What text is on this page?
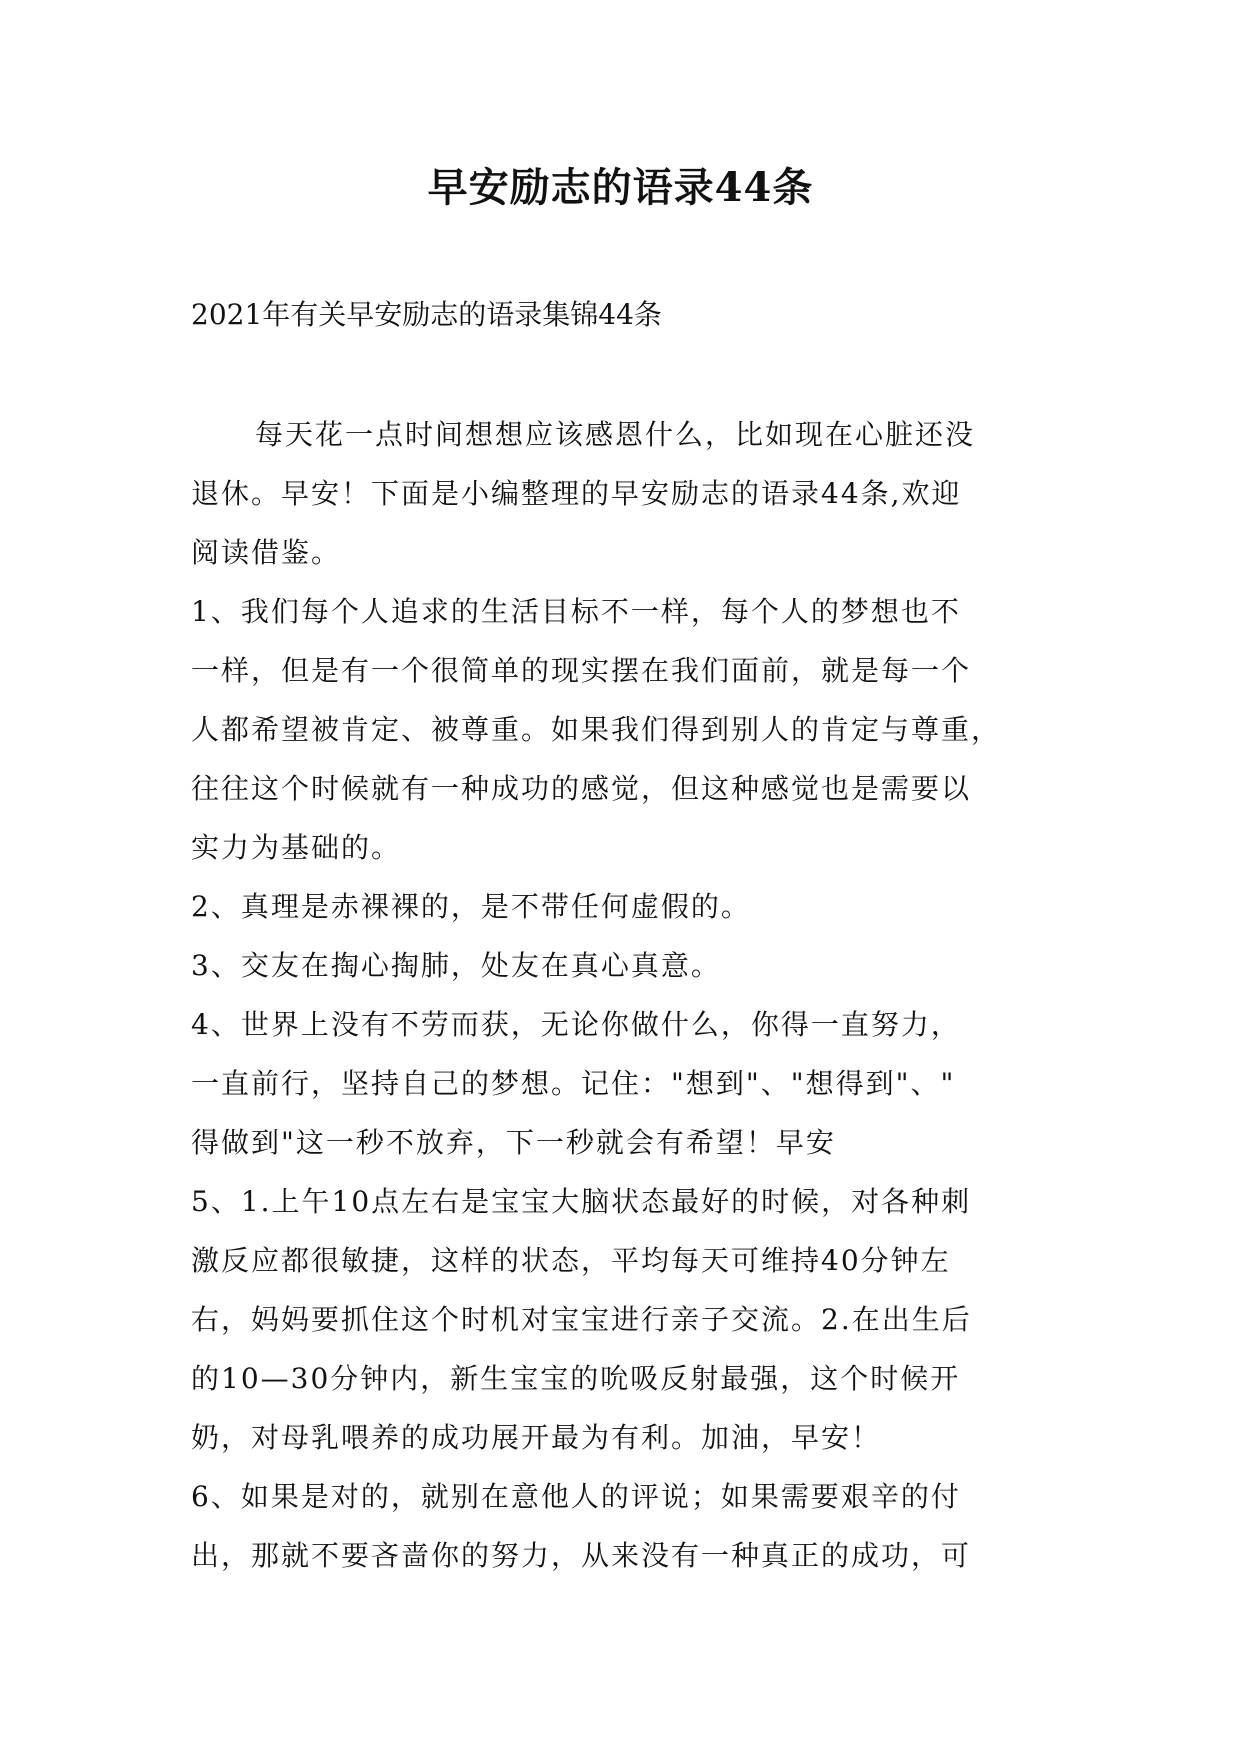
早安励志的语录44条
2021年有关早安励志的语录集锦44条
每天花一点时间想想应该感恩什么，比如现在心脏还没
退休。早安！下面是小编整理的早安励志的语录44条,欢迎
阅读借鉴。
1、我们每个人追求的生活目标不一样，每个人的梦想也不
一样，但是有一个很简单的现实摆在我们面前，就是每一个
人都希望被肯定、被尊重。如果我们得到别人的肯定与尊重，
往往这个时候就有一种成功的感觉，但这种感觉也是需要以
实力为基础的。
2、真理是赤裸裸的，是不带任何虚假的。
3、交友在掏心掏肺，处友在真心真意。
4、世界上没有不劳而获，无论你做什么，你得一直努力，
一直前行，坚持自己的梦想。记住："想到"、"想得到"、"
得做到"这一秒不放弃，下一秒就会有希望！早安
5、1.上午10点左右是宝宝大脑状态最好的时候，对各种刺
激反应都很敏捷，这样的状态，平均每天可维持40分钟左
右，妈妈要抓住这个时机对宝宝进行亲子交流。2.在出生后
的10—30分钟内，新生宝宝的吮吸反射最强，这个时候开
奶，对母乳喂养的成功展开最为有利。加油，早安！
6、如果是对的，就别在意他人的评说；如果需要艰辛的付
出，那就不要吝啬你的努力，从来没有一种真正的成功，可
